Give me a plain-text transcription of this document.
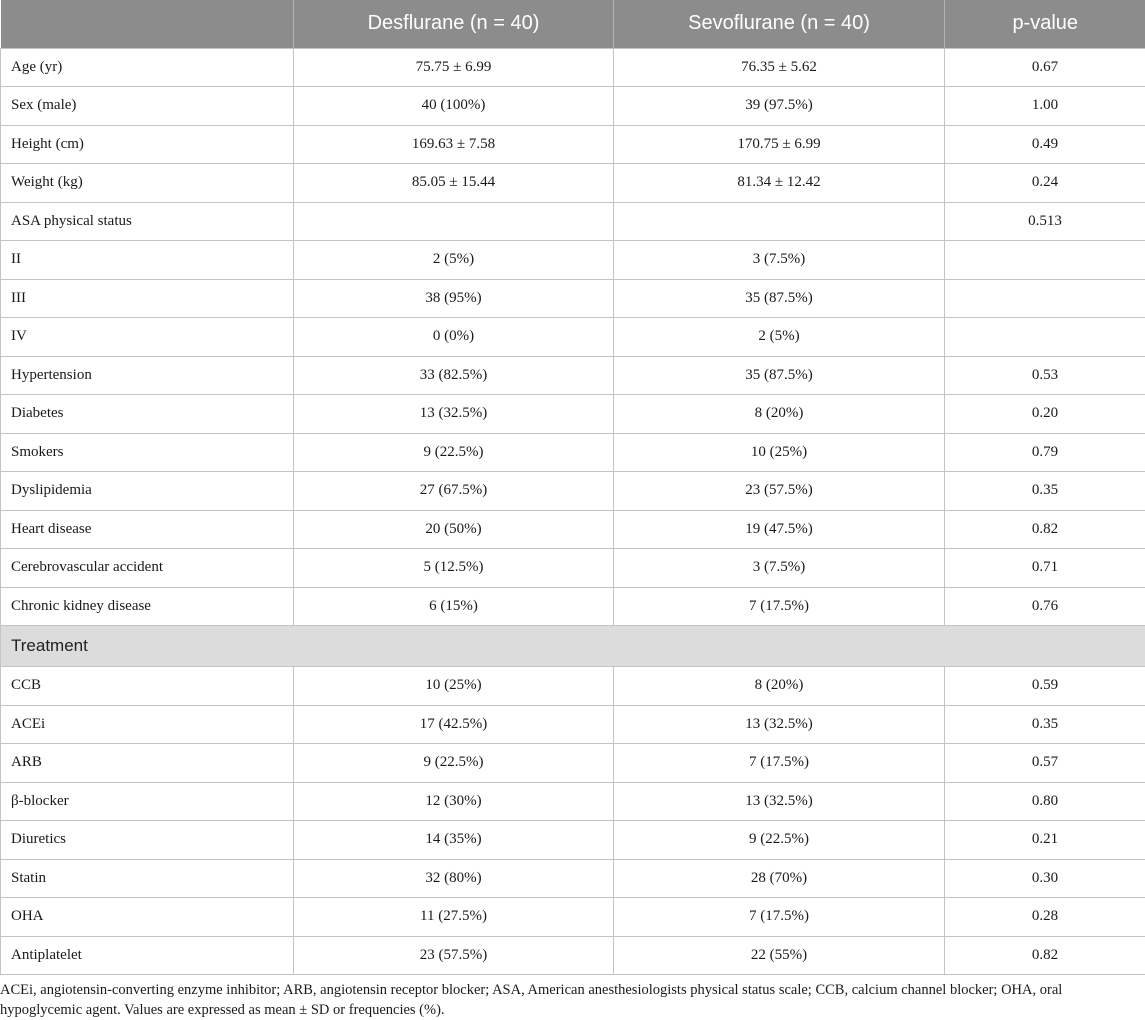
	Desflurane (n = 40)	Sevoflurane (n = 40)	p-value
Age (yr)	75.75 ± 6.99	76.35 ± 5.62	0.67
Sex (male)	40 (100%)	39 (97.5%)	1.00
Height (cm)	169.63 ± 7.58	170.75 ± 6.99	0.49
Weight (kg)	85.05 ± 15.44	81.34 ± 12.42	0.24
ASA physical status			0.513
II	2 (5%)	3 (7.5%)	
III	38 (95%)	35 (87.5%)	
IV	0 (0%)	2 (5%)	
Hypertension	33 (82.5%)	35 (87.5%)	0.53
Diabetes	13 (32.5%)	8 (20%)	0.20
Smokers	9 (22.5%)	10 (25%)	0.79
Dyslipidemia	27 (67.5%)	23 (57.5%)	0.35
Heart disease	20 (50%)	19 (47.5%)	0.82
Cerebrovascular accident	5 (12.5%)	3 (7.5%)	0.71
Chronic kidney disease	6 (15%)	7 (17.5%)	0.76
Treatment			
CCB	10 (25%)	8 (20%)	0.59
ACEi	17 (42.5%)	13 (32.5%)	0.35
ARB	9 (22.5%)	7 (17.5%)	0.57
β-blocker	12 (30%)	13 (32.5%)	0.80
Diuretics	14 (35%)	9 (22.5%)	0.21
Statin	32 (80%)	28 (70%)	0.30
OHA	11 (27.5%)	7 (17.5%)	0.28
Antiplatelet	23 (57.5%)	22 (55%)	0.82

ACEi, angiotensin-converting enzyme inhibitor; ARB, angiotensin receptor blocker; ASA, American anesthesiologists physical status scale; CCB, calcium channel blocker; OHA, oral hypoglycemic agent. Values are expressed as mean ± SD or frequencies (%).
